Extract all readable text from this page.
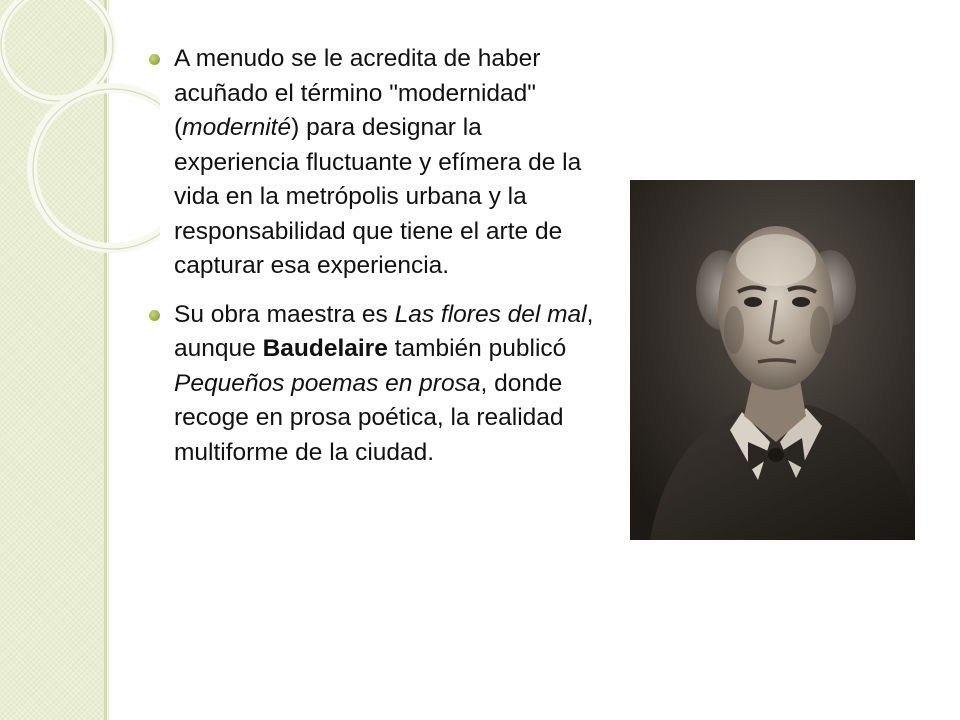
A menudo se le acredita de haber acuñado el término "modernidad" (modernité) para designar la experiencia fluctuante y efímera de la vida en la metrópolis urbana y la responsabilidad que tiene el arte de capturar esa experiencia.
Su obra maestra es Las flores del mal, aunque Baudelaire también publicó Pequeños poemas en prosa, donde recoge en prosa poética, la realidad multiforme de la ciudad.
